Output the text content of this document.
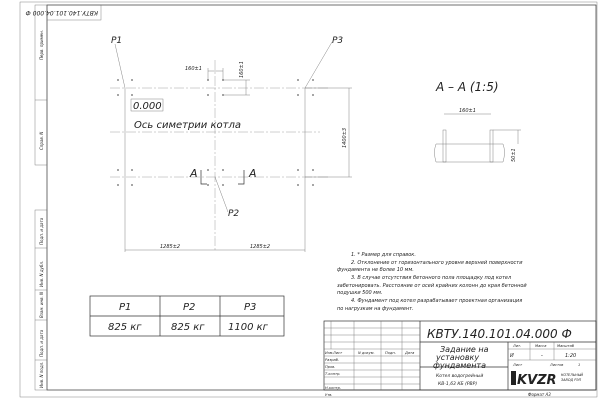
Перв. примен.
Справ. N
Подп. и дата
Инв. N дубл.
Взам. инв. N
Подп. и дата
Инв. N подл.
КВТУ.140.101.04.000 Ф
P1	P3
P2
0.000
Ось симетрии котла
А	А
160±1	160±1
1400±3
1285±2	1285±2
А – А (1:5)
160±1
50±1
1. * Размер для справок.
2. Отклонение от горизонтального уровня верхней поверхности
фундамента не более 10 мм.
3. В случае отсутствия бетонного пола площадку под котел
забетонировать. Расстояние от осей крайних колонн до края бетонной
подушки 500 мм.
4. Фундамент под котел разрабатывает проектная организация
по нагрузкам на фундамент.
P1	P2	P3
825 кг	825 кг 1100 кг
Изм. Лист	N докум.	Подп.	Дата
Разраб.
Пров.
Т.контр.
Н.контр.
Утв.
КВТУ.140.101.04.000 Ф
Задание на
установку
фундамента
Котел водогрейный
КВ-1,63 КБ (РВР)
Лит.	Масса	Масштаб
И	-	1:20
Лист	Листов	1
KVZR КОТЕЛЬНЫЙ
ЗАВОД РЭП
Формат А3
